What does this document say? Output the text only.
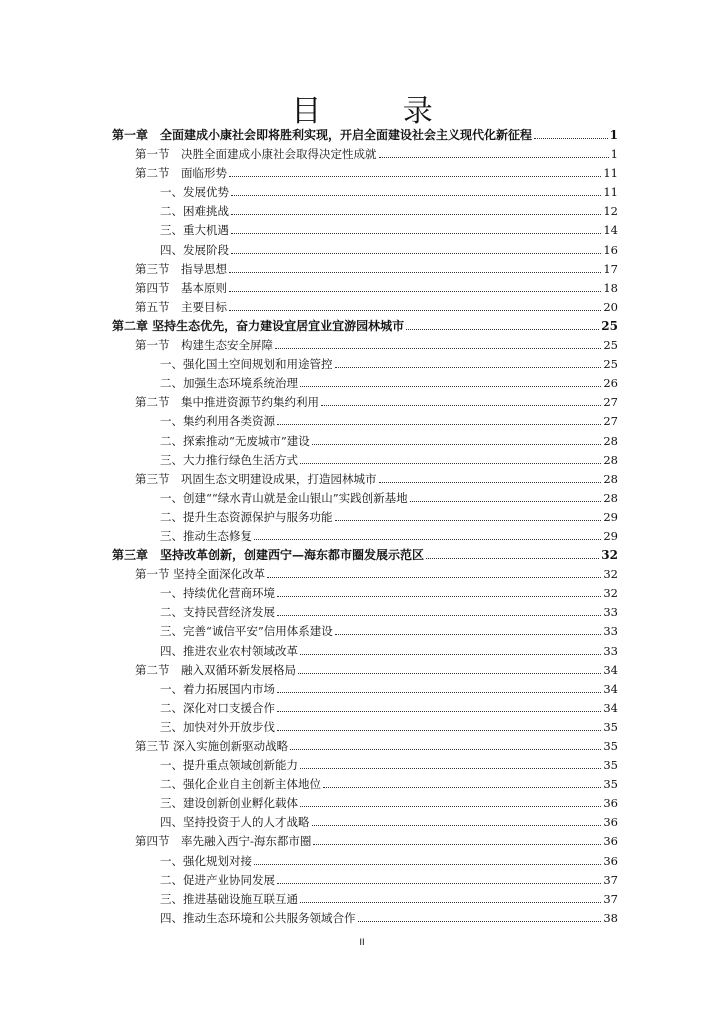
目 录
第一章　全面建成小康社会即将胜利实现，开启全面建设社会主义现代化新征程	1
第一节　决胜全面建成小康社会取得决定性成就	1
第二节　面临形势	11
一、发展优势	11
二、困难挑战	12
三、重大机遇	14
四、发展阶段	16
第三节　指导思想	17
第四节　基本原则	18
第五节　主要目标	20
第二章 坚持生态优先，奋力建设宜居宜业宜游园林城市	25
第一节　构建生态安全屏障	25
一、强化国土空间规划和用途管控	25
二、加强生态环境系统治理	26
第二节　集中推进资源节约集约利用	27
一、集约利用各类资源	27
二、探索推动“无废城市”建设	28
三、大力推行绿色生活方式	28
第三节　巩固生态文明建设成果，打造园林城市	28
一、创建““绿水青山就是金山银山”实践创新基地	28
二、提升生态资源保护与服务功能	29
三、推动生态修复	29
第三章　坚持改革创新，创建西宁—海东都市圈发展示范区	32
第一节 坚持全面深化改革	32
一、持续优化营商环境	32
二、支持民营经济发展	33
三、完善“诚信平安”信用体系建设	33
四、推进农业农村领域改革	33
第二节　融入双循环新发展格局	34
一、着力拓展国内市场	34
二、深化对口支援合作	34
三、加快对外开放步伐	35
第三节 深入实施创新驱动战略	35
一、提升重点领域创新能力	35
二、强化企业自主创新主体地位	35
三、建设创新创业孵化载体	36
四、坚持投资于人的人才战略	36
第四节　率先融入西宁-海东都市圈	36
一、强化规划对接	36
二、促进产业协同发展	37
三、推进基础设施互联互通	37
四、推动生态环境和公共服务领域合作	38
II
